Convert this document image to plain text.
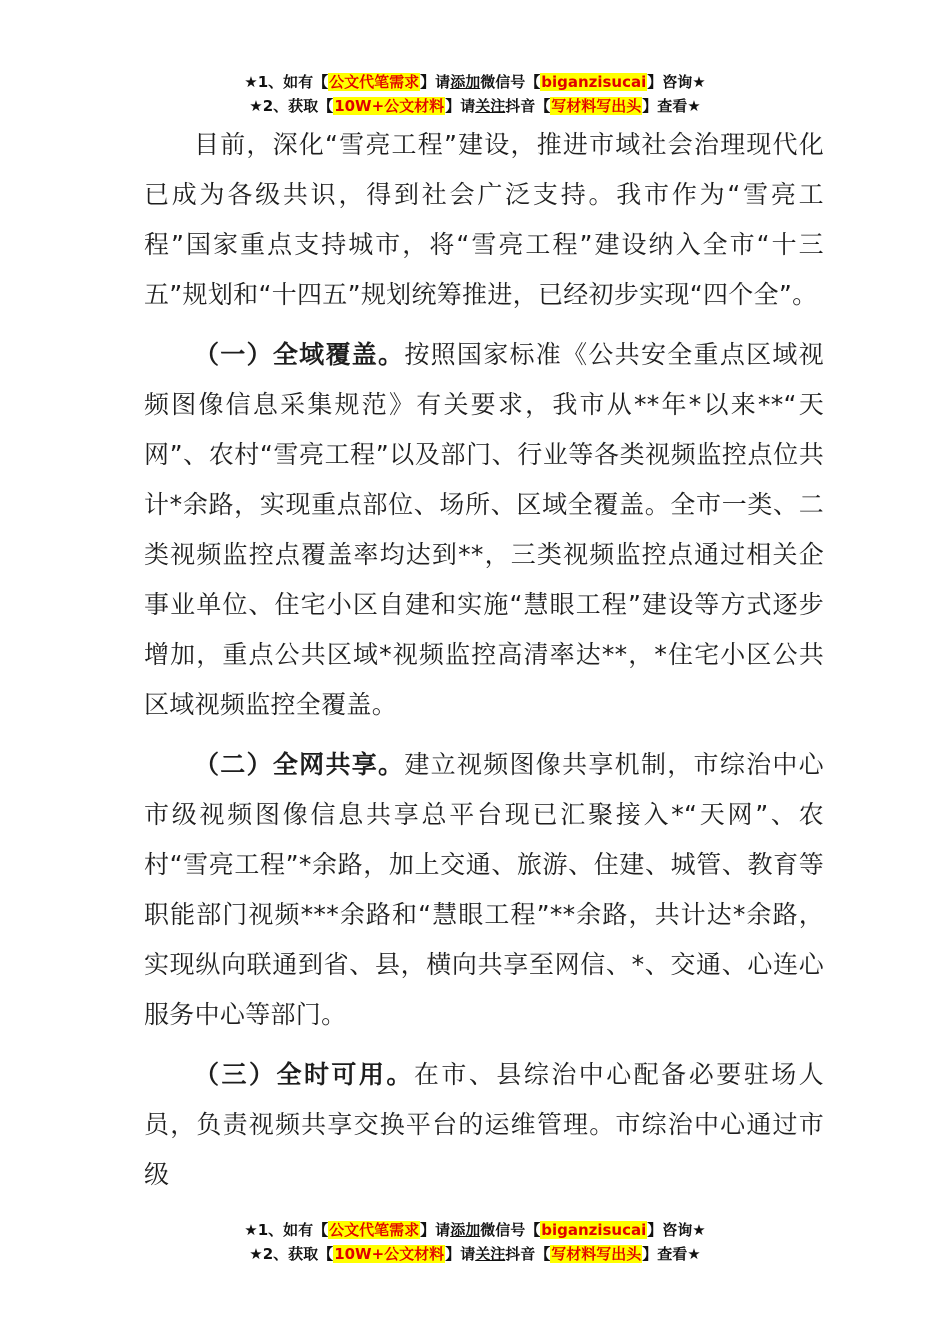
★1、如有【公文代笔需求】请添加微信号【biganzisucai】咨询★
★2、获取【10W+公文材料】请关注抖音【写材料写出头】查看★

目前，深化“雪亮工程”建设，推进市域社会治理现代化已成为各级共识，得到社会广泛支持。我市作为“雪亮工程”国家重点支持城市，将“雪亮工程”建设纳入全市“十三五”规划和“十四五”规划统筹推进，已经初步实现“四个全”。

（一）全域覆盖。按照国家标准《公共安全重点区域视频图像信息采集规范》有关要求，我市从**年*以来**“天网”、农村“雪亮工程”以及部门、行业等各类视频监控点位共计*余路，实现重点部位、场所、区域全覆盖。全市一类、二类视频监控点覆盖率均达到**，三类视频监控点通过相关企事业单位、住宅小区自建和实施“慧眼工程”建设等方式逐步增加，重点公共区域*视频监控高清率达**，*住宅小区公共区域视频监控全覆盖。

（二）全网共享。建立视频图像共享机制，市综治中心市级视频图像信息共享总平台现已汇聚接入*“天网”、农村“雪亮工程”*余路，加上交通、旅游、住建、城管、教育等职能部门视频***余路和“慧眼工程”**余路，共计达*余路，实现纵向联通到省、县，横向共享至网信、*、交通、心连心服务中心等部门。

（三）全时可用。在市、县综治中心配备必要驻场人员，负责视频共享交换平台的运维管理。市综治中心通过市级

★1、如有【公文代笔需求】请添加微信号【biganzisucai】咨询★
★2、获取【10W+公文材料】请关注抖音【写材料写出头】查看★
